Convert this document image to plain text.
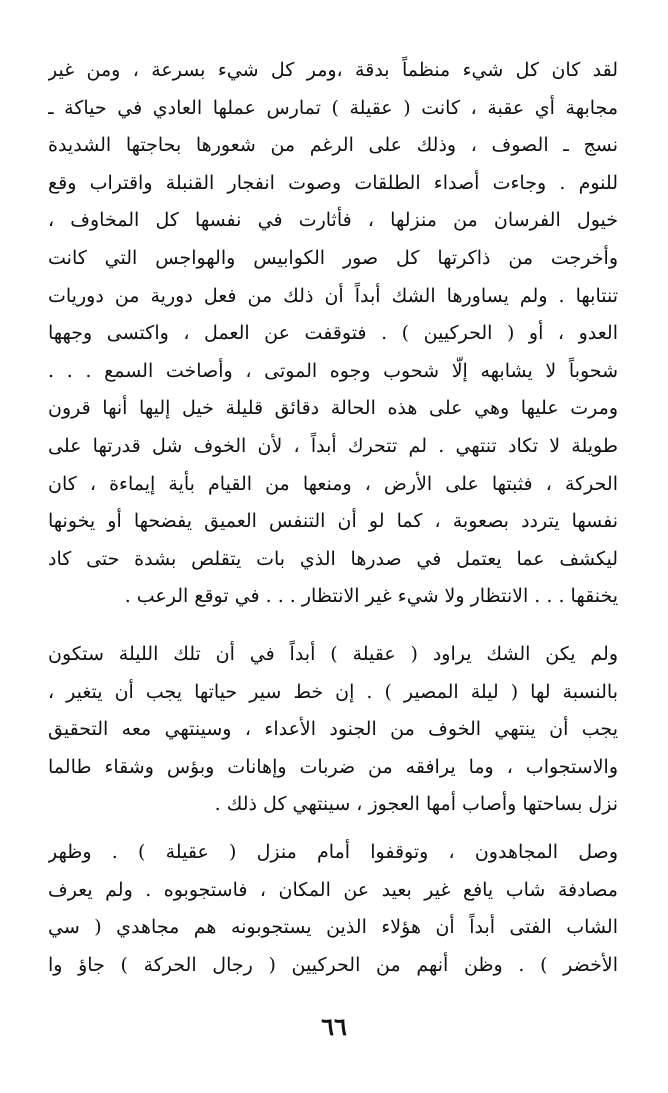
لقد كان كل شيء منظماً بدقة ،ومر كل شيء بسرعة ، ومن غير
مجابهة أي عقبة ، كانت ( عقيلة ) تمارس عملها العادي في حياكة ـ
نسج ـ الصوف ، وذلك على الرغم من شعورها بحاجتها الشديدة
للنوم . وجاءت أصداء الطلقات وصوت انفجار القنبلة واقتراب وقع
خيول الفرسان من منزلها ، فأثارت في نفسها كل المخاوف ،
وأخرجت من ذاكرتها كل صور الكوابيس والهواجس التي كانت
تنتابها . ولم يساورها الشك أبداً أن ذلك من فعل دورية من دوريات
العدو ، أو ( الحركيين ) . فتوقفت عن العمل ، واكتسى وجهها
شحوباً لا يشابهه إلّا شحوب وجوه الموتى ، وأصاخت السمع . . .
ومرت عليها وهي على هذه الحالة دقائق قليلة خيل إليها أنها قرون
طويلة لا تكاد تنتهي . لم تتحرك أبداً ، لأن الخوف شل قدرتها على
الحركة ، فثبتها على الأرض ، ومنعها من القيام بأية إيماءة ، كان
نفسها يتردد بصعوبة ، كما لو أن التنفس العميق يفضحها أو يخونها
ليكشف عما يعتمل في صدرها الذي بات يتقلص بشدة حتى كاد
يخنقها . . . الانتظار ولا شيء غير الانتظار . . . في توقع الرعب .
ولم يكن الشك يراود ( عقيلة ) أبداً في أن تلك الليلة ستكون
بالنسبة لها ( ليلة المصير ) . إن خط سير حياتها يجب أن يتغير ،
يجب أن ينتهي الخوف من الجنود الأعداء ، وسينتهي معه التحقيق
والاستجواب ، وما يرافقه من ضربات وإهانات وبؤس وشقاء طالما
نزل بساحتها وأصاب أمها العجوز ، سينتهي كل ذلك .
وصل المجاهدون ، وتوقفوا أمام منزل ( عقيلة ) . وظهر
مصادفة شاب يافع غير بعيد عن المكان ، فاستجوبوه . ولم يعرف
الشاب الفتى أبداً أن هؤلاء الذين يستجوبونه هم مجاهدي ( سي
الأخضر ) . وظن أنهم من الحركيين ( رجال الحركة ) جاؤ وا
٦٦
